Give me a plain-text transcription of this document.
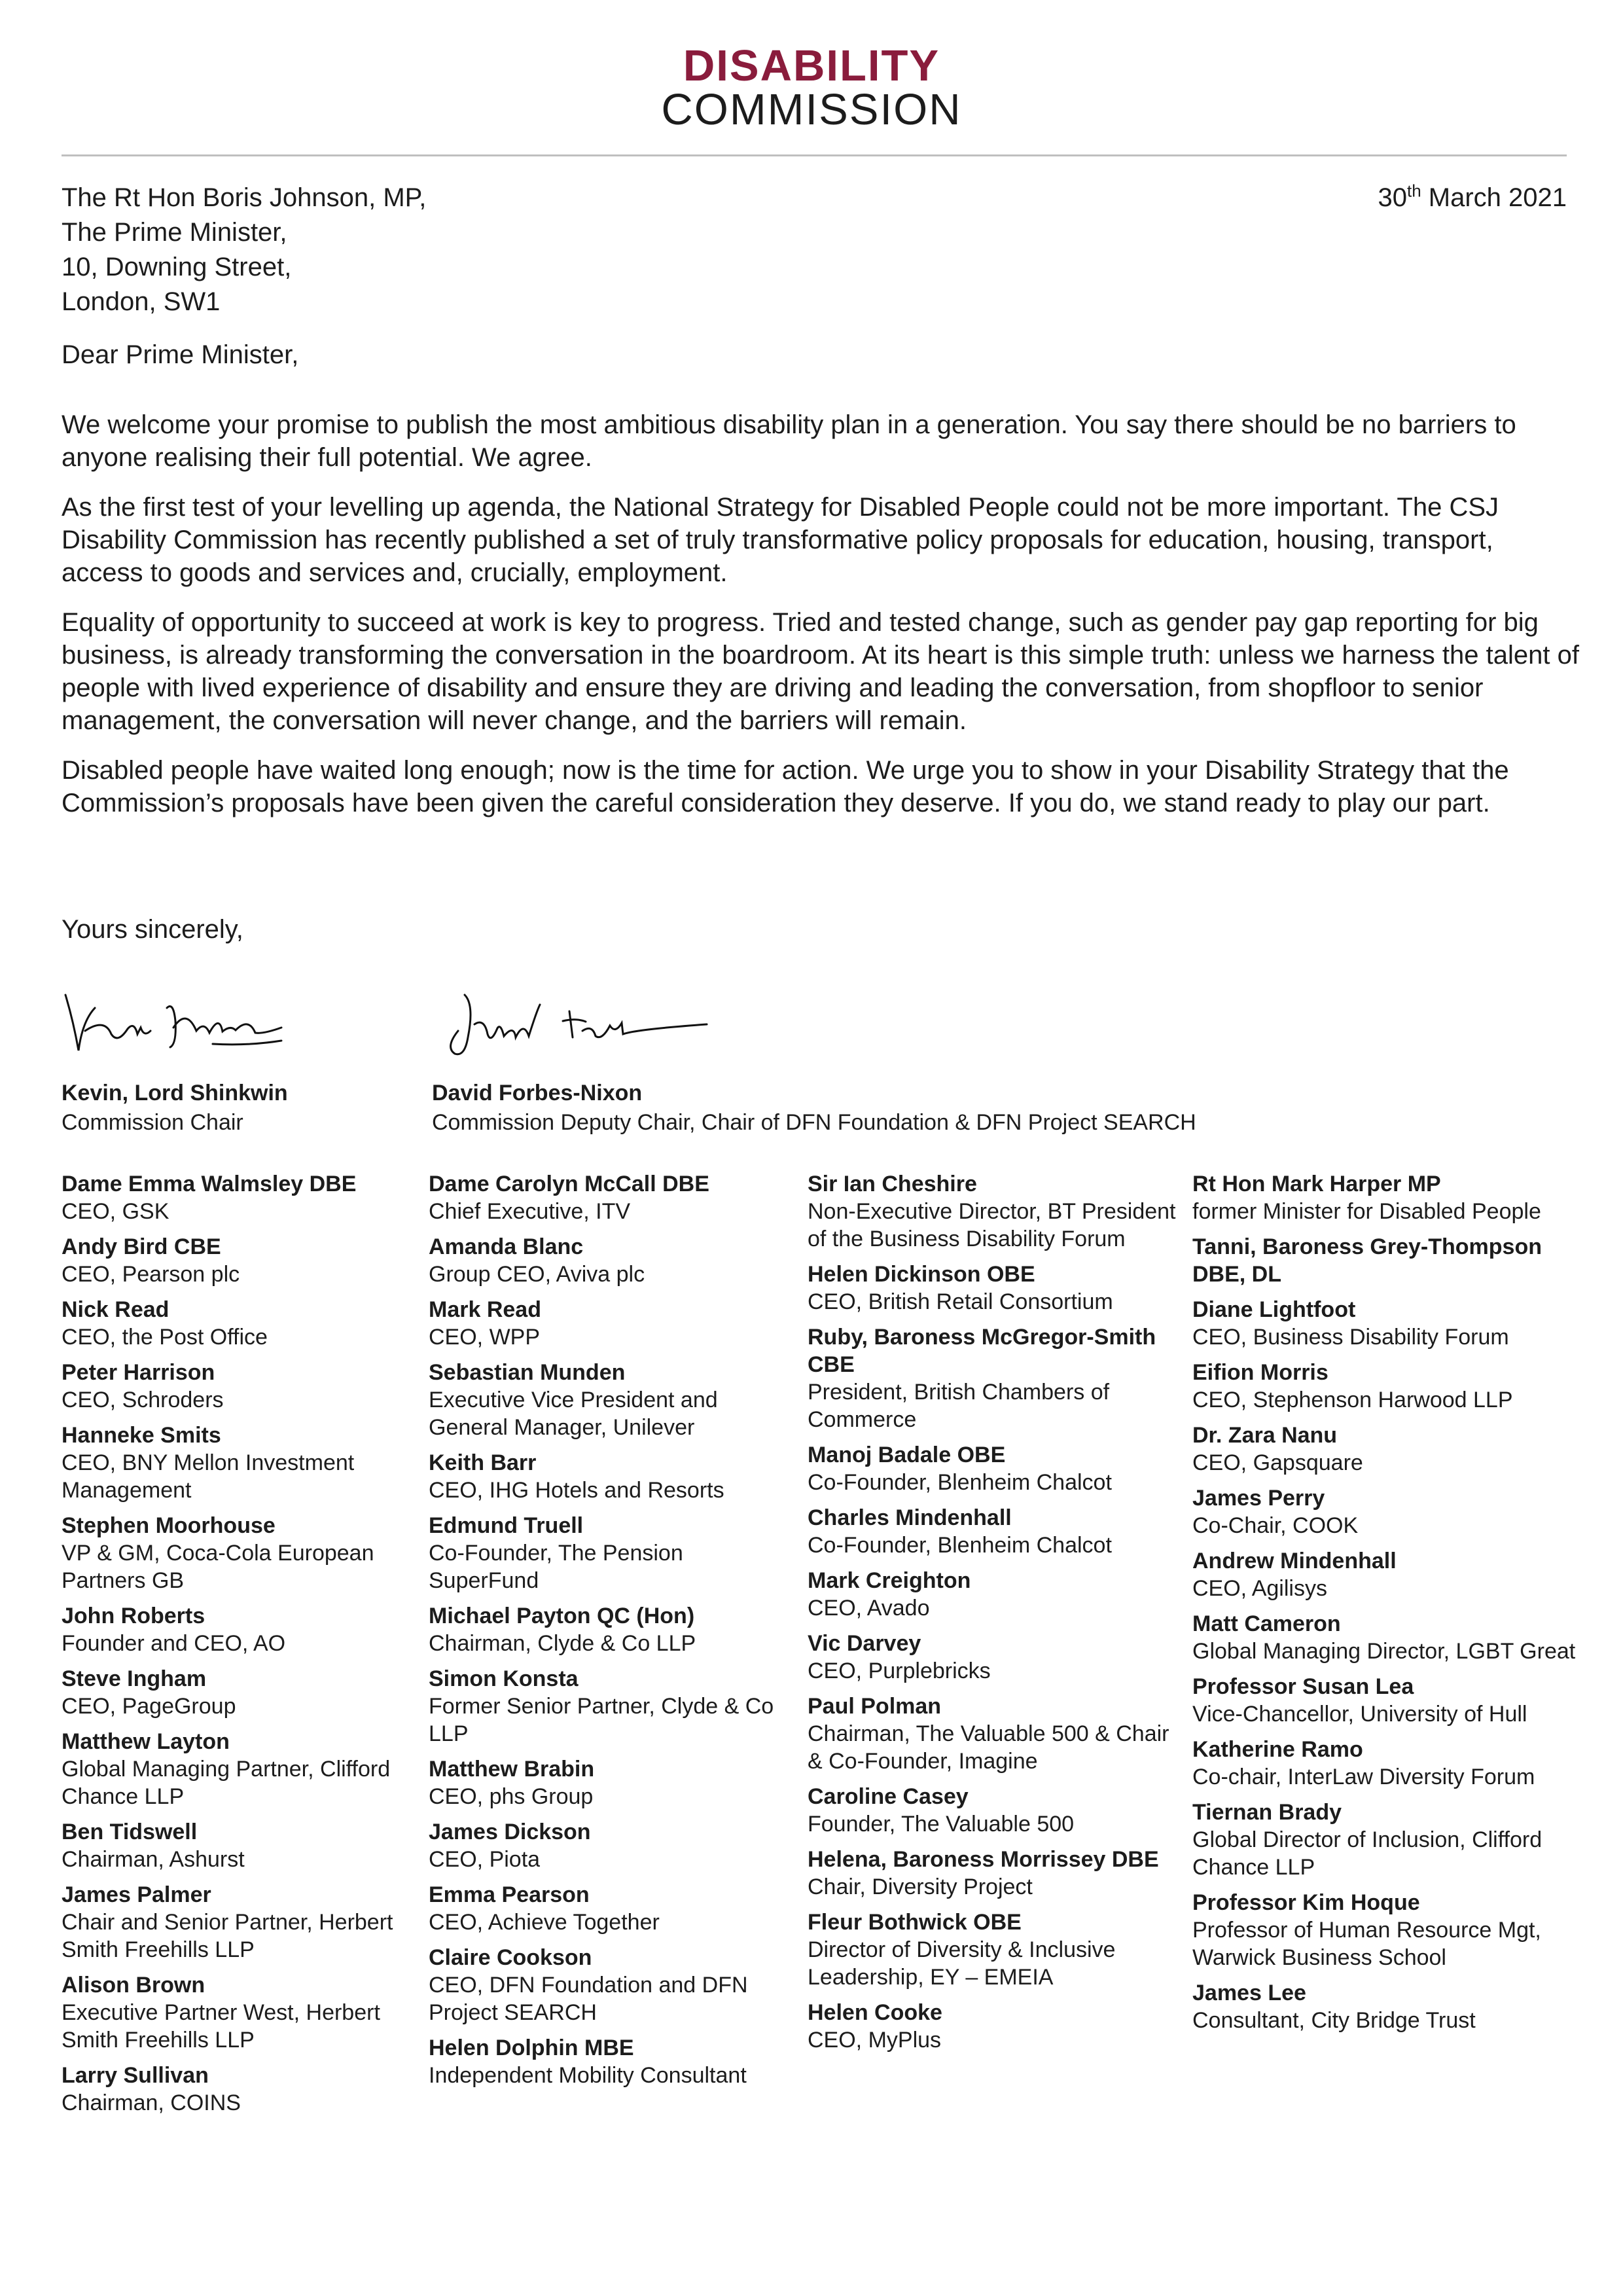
DISABILITY
COMMISSION
The Rt Hon Boris Johnson, MP,
The Prime Minister,
10, Downing Street,
London, SW1
30th March 2021
Dear Prime Minister,

We welcome your promise to publish the most ambitious disability plan in a generation. You say there should be no barriers to anyone realising their full potential. We agree.

As the first test of your levelling up agenda, the National Strategy for Disabled People could not be more important. The CSJ Disability Commission has recently published a set of truly transformative policy proposals for education, housing, transport, access to goods and services and, crucially, employment.

Equality of opportunity to succeed at work is key to progress. Tried and tested change, such as gender pay gap reporting for big business, is already transforming the conversation in the boardroom. At its heart is this simple truth: unless we harness the talent of people with lived experience of disability and ensure they are driving and leading the conversation, from shopfloor to senior management, the conversation will never change, and the barriers will remain.

Disabled people have waited long enough; now is the time for action. We urge you to show in your Disability Strategy that the Commission’s proposals have been given the careful consideration they deserve. If you do, we stand ready to play our part.

Yours sincerely,
Kevin, Lord Shinkwin
Commission Chair
David Forbes-Nixon
Commission Deputy Chair, Chair of DFN Foundation & DFN Project SEARCH
Dame Emma Walmsley DBE
CEO, GSK
Andy Bird CBE
CEO, Pearson plc
Nick Read
CEO, the Post Office
Peter Harrison
CEO, Schroders
Hanneke Smits
CEO, BNY Mellon Investment Management
Stephen Moorhouse
VP & GM, Coca-Cola European Partners GB
John Roberts
Founder and CEO, AO
Steve Ingham
CEO, PageGroup
Matthew Layton
Global Managing Partner, Clifford Chance LLP
Ben Tidswell
Chairman, Ashurst
James Palmer
Chair and Senior Partner, Herbert Smith Freehills LLP
Alison Brown
Executive Partner West, Herbert Smith Freehills LLP
Larry Sullivan
Chairman, COINS
Dame Carolyn McCall DBE
Chief Executive, ITV
Amanda Blanc
Group CEO, Aviva plc
Mark Read
CEO, WPP
Sebastian Munden
Executive Vice President and General Manager, Unilever
Keith Barr
CEO, IHG Hotels and Resorts
Edmund Truell
Co-Founder, The Pension SuperFund
Michael Payton QC (Hon)
Chairman, Clyde & Co LLP
Simon Konsta
Former Senior Partner, Clyde & Co LLP
Matthew Brabin
CEO, phs Group
James Dickson
CEO, Piota
Emma Pearson
CEO, Achieve Together
Claire Cookson
CEO, DFN Foundation and DFN Project SEARCH
Helen Dolphin MBE
Independent Mobility Consultant
Sir Ian Cheshire
Non-Executive Director, BT President of the Business Disability Forum
Helen Dickinson OBE
CEO, British Retail Consortium
Ruby, Baroness McGregor-Smith CBE
President, British Chambers of Commerce
Manoj Badale OBE
Co-Founder, Blenheim Chalcot
Charles Mindenhall
Co-Founder, Blenheim Chalcot
Mark Creighton
CEO, Avado
Vic Darvey
CEO, Purplebricks
Paul Polman
Chairman, The Valuable 500 & Chair & Co-Founder, Imagine
Caroline Casey
Founder, The Valuable 500
Helena, Baroness Morrissey DBE
Chair, Diversity Project
Fleur Bothwick OBE
Director of Diversity & Inclusive Leadership, EY – EMEIA
Helen Cooke
CEO, MyPlus
Rt Hon Mark Harper MP
former Minister for Disabled People
Tanni, Baroness Grey-Thompson DBE, DL
Diane Lightfoot
CEO, Business Disability Forum
Eifion Morris
CEO, Stephenson Harwood LLP
Dr. Zara Nanu
CEO, Gapsquare
James Perry
Co-Chair, COOK
Andrew Mindenhall
CEO, Agilisys
Matt Cameron
Global Managing Director, LGBT Great
Professor Susan Lea
Vice-Chancellor, University of Hull
Katherine Ramo
Co-chair, InterLaw Diversity Forum
Tiernan Brady
Global Director of Inclusion, Clifford Chance LLP
Professor Kim Hoque
Professor of Human Resource Mgt, Warwick Business School
James Lee
Consultant, City Bridge Trust
